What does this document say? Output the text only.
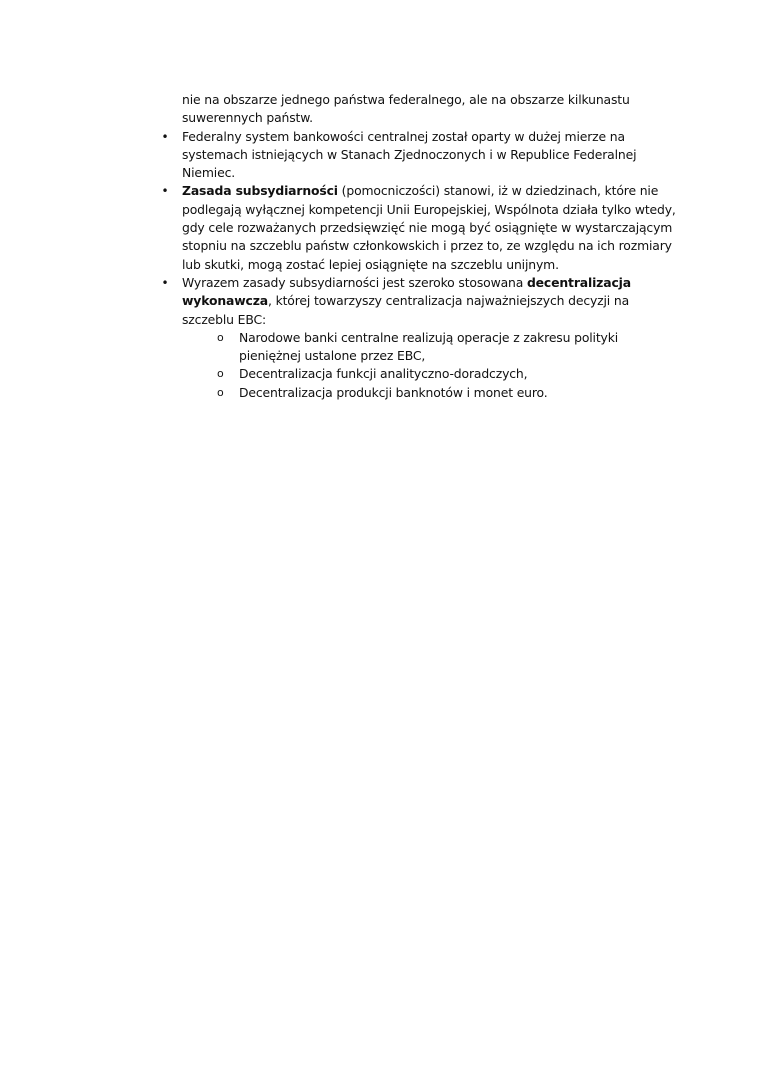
nie na obszarze jednego państwa federalnego, ale na obszarze kilkunastu
suwerennych państw.

• Federalny system bankowości centralnej został oparty w dużej mierze na
systemach istniejących w Stanach Zjednoczonych i w Republice Federalnej
Niemiec.
• Zasada subsydiarności (pomocniczości) stanowi, iż w dziedzinach, które nie
podlegają wyłącznej kompetencji Unii Europejskiej, Wspólnota działa tylko wtedy,
gdy cele rozważanych przedsięwzięć nie mogą być osiągnięte w wystarczającym
stopniu na szczeblu państw członkowskich i przez to, ze względu na ich rozmiary
lub skutki, mogą zostać lepiej osiągnięte na szczeblu unijnym.
• Wyrazem zasady subsydiarności jest szeroko stosowana decentralizacja
wykonawcza, której towarzyszy centralizacja najważniejszych decyzji na
szczeblu EBC:
o Narodowe banki centralne realizują operacje z zakresu polityki
pieniężnej ustalone przez EBC,
o Decentralizacja funkcji analityczno-doradczych,
o Decentralizacja produkcji banknotów i monet euro.
